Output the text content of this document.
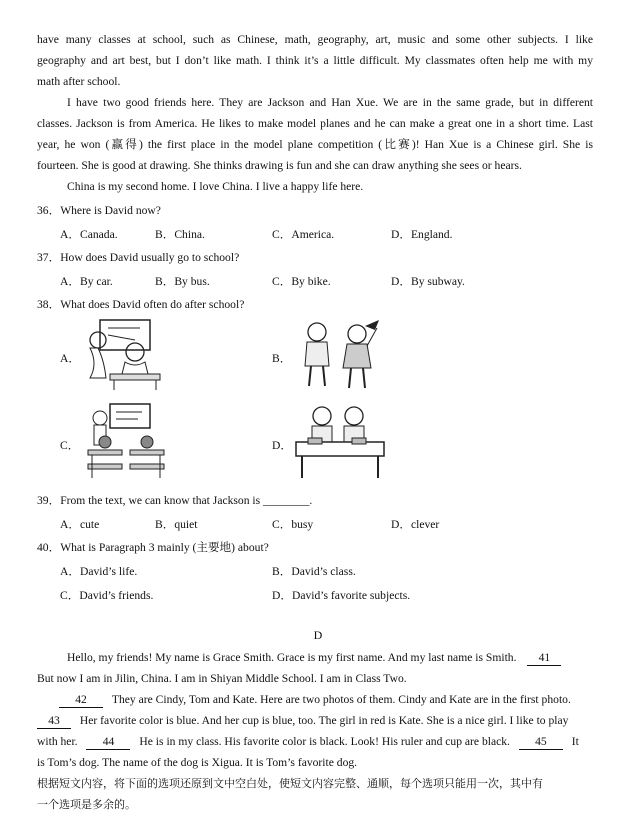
have many classes at school, such as Chinese, math, geography, art, music and some other subjects. I like
geography and art best, but I don’t like math. I think it’s a little difficult. My classmates often help me with my
math after school.
I have two good friends here. They are Jackson and Han Xue. We are in the same grade, but in different
classes. Jackson is from America. He likes to make model planes and he can make a great one in a short time. Last
year, he won (赢得) the first place in the model plane competition (比赛)! Han Xue is a Chinese girl. She is
fourteen. She is good at drawing. She thinks drawing is fun and she can draw anything she sees or hears.
China is my second home. I love China. I live a happy life here.
36．Where is David now?
A．Canada.	B．China.	C．America.	D．England.
37．How does David usually go to school?
A．By car.	B．By bus.	C．By bike.	D．By subway.
38．What does David often do after school?
A．	B．
C．	D．
39．From the text, we can know that Jackson is ________.
A．cute	B．quiet	C．busy	D．clever
40．What is Paragraph 3 mainly (主要地) about?
A．David’s life.	B．David’s class.
C．David’s friends.	D．David’s favorite subjects.
D
Hello, my friends! My name is Grace Smith. Grace is my first name. And my last name is Smith. 41
But now I am in Jilin, China. I am in Shiyan Middle School. I am in Class Two.
42 They are Cindy, Tom and Kate. Here are two photos of them. Cindy and Kate are in the first photo.
43 Her favorite color is blue. And her cup is blue, too. The girl in red is Kate. She is a nice girl. I like to play
with her. 44 He is in my class. His favorite color is black. Look! His ruler and cup are black. 45 It
is Tom’s dog. The name of the dog is Xigua. It is Tom’s favorite dog.
根据短文内容，将下面的选项还原到文中空白处，使短文内容完整、通顺，每个选项只能用一次，其中有
一个选项是多余的。
